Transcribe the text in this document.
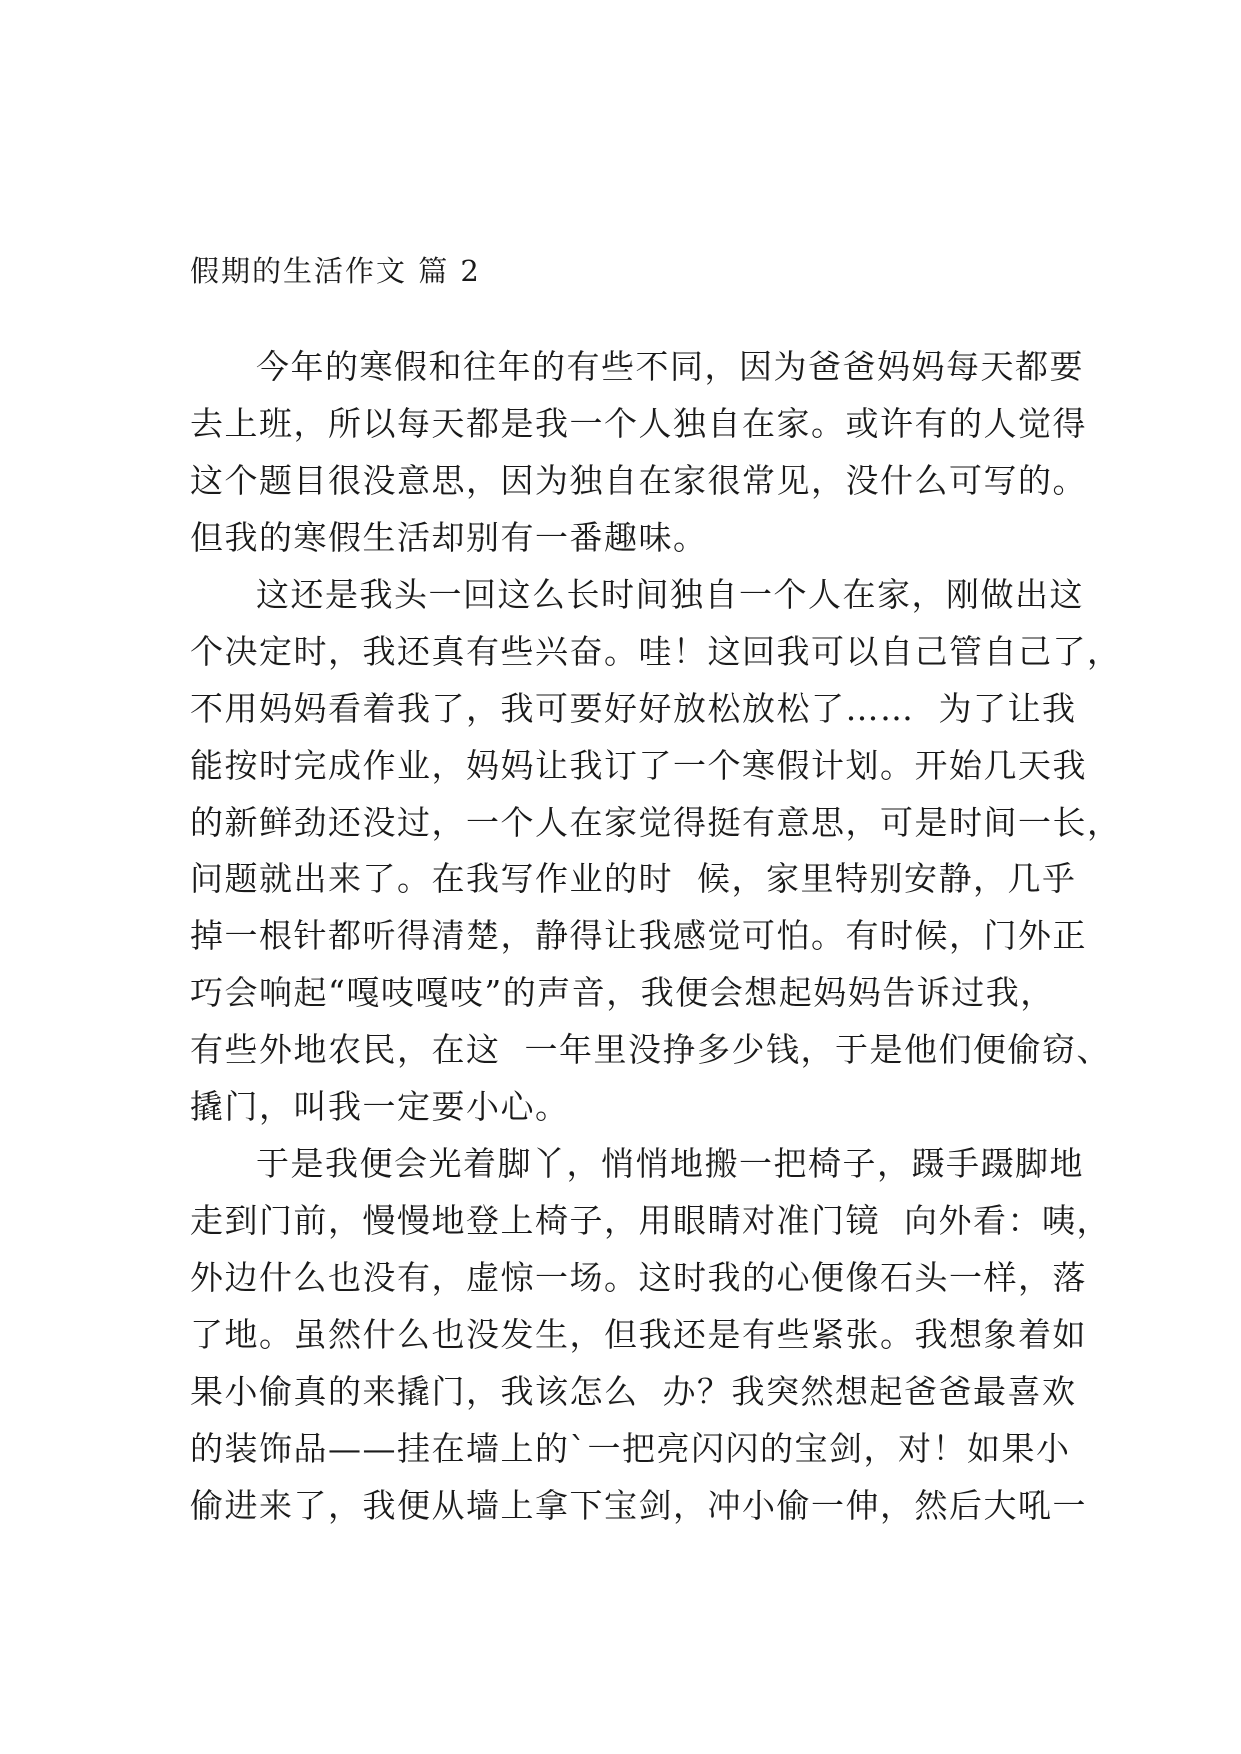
假期的生活作文 篇 2
今年的寒假和往年的有些不同，因为爸爸妈妈每天都要
去上班，所以每天都是我一个人独自在家。或许有的人觉得
这个题目很没意思，因为独自在家很常见，没什么可写的。
但我的寒假生活却别有一番趣味。
这还是我头一回这么长时间独自一个人在家，刚做出这
个决定时，我还真有些兴奋。哇！这回我可以自己管自己了，
不用妈妈看着我了，我可要好好放松放松了……  为了让我
能按时完成作业，妈妈让我订了一个寒假计划。开始几天我
的新鲜劲还没过，一个人在家觉得挺有意思，可是时间一长，
问题就出来了。在我写作业的时  候，家里特别安静，几乎
掉一根针都听得清楚，静得让我感觉可怕。有时候，门外正
巧会响起“嘎吱嘎吱”的声音，我便会想起妈妈告诉过我，
有些外地农民，在这  一年里没挣多少钱，于是他们便偷窃、
撬门，叫我一定要小心。
于是我便会光着脚丫，悄悄地搬一把椅子，蹑手蹑脚地
走到门前，慢慢地登上椅子，用眼睛对准门镜  向外看：咦，
外边什么也没有，虚惊一场。这时我的心便像石头一样，落
了地。虽然什么也没发生，但我还是有些紧张。我想象着如
果小偷真的来撬门，我该怎么  办？我突然想起爸爸最喜欢
的装饰品——挂在墙上的`一把亮闪闪的宝剑，对！如果小
偷进来了，我便从墙上拿下宝剑，冲小偷一伸，然后大吼一
